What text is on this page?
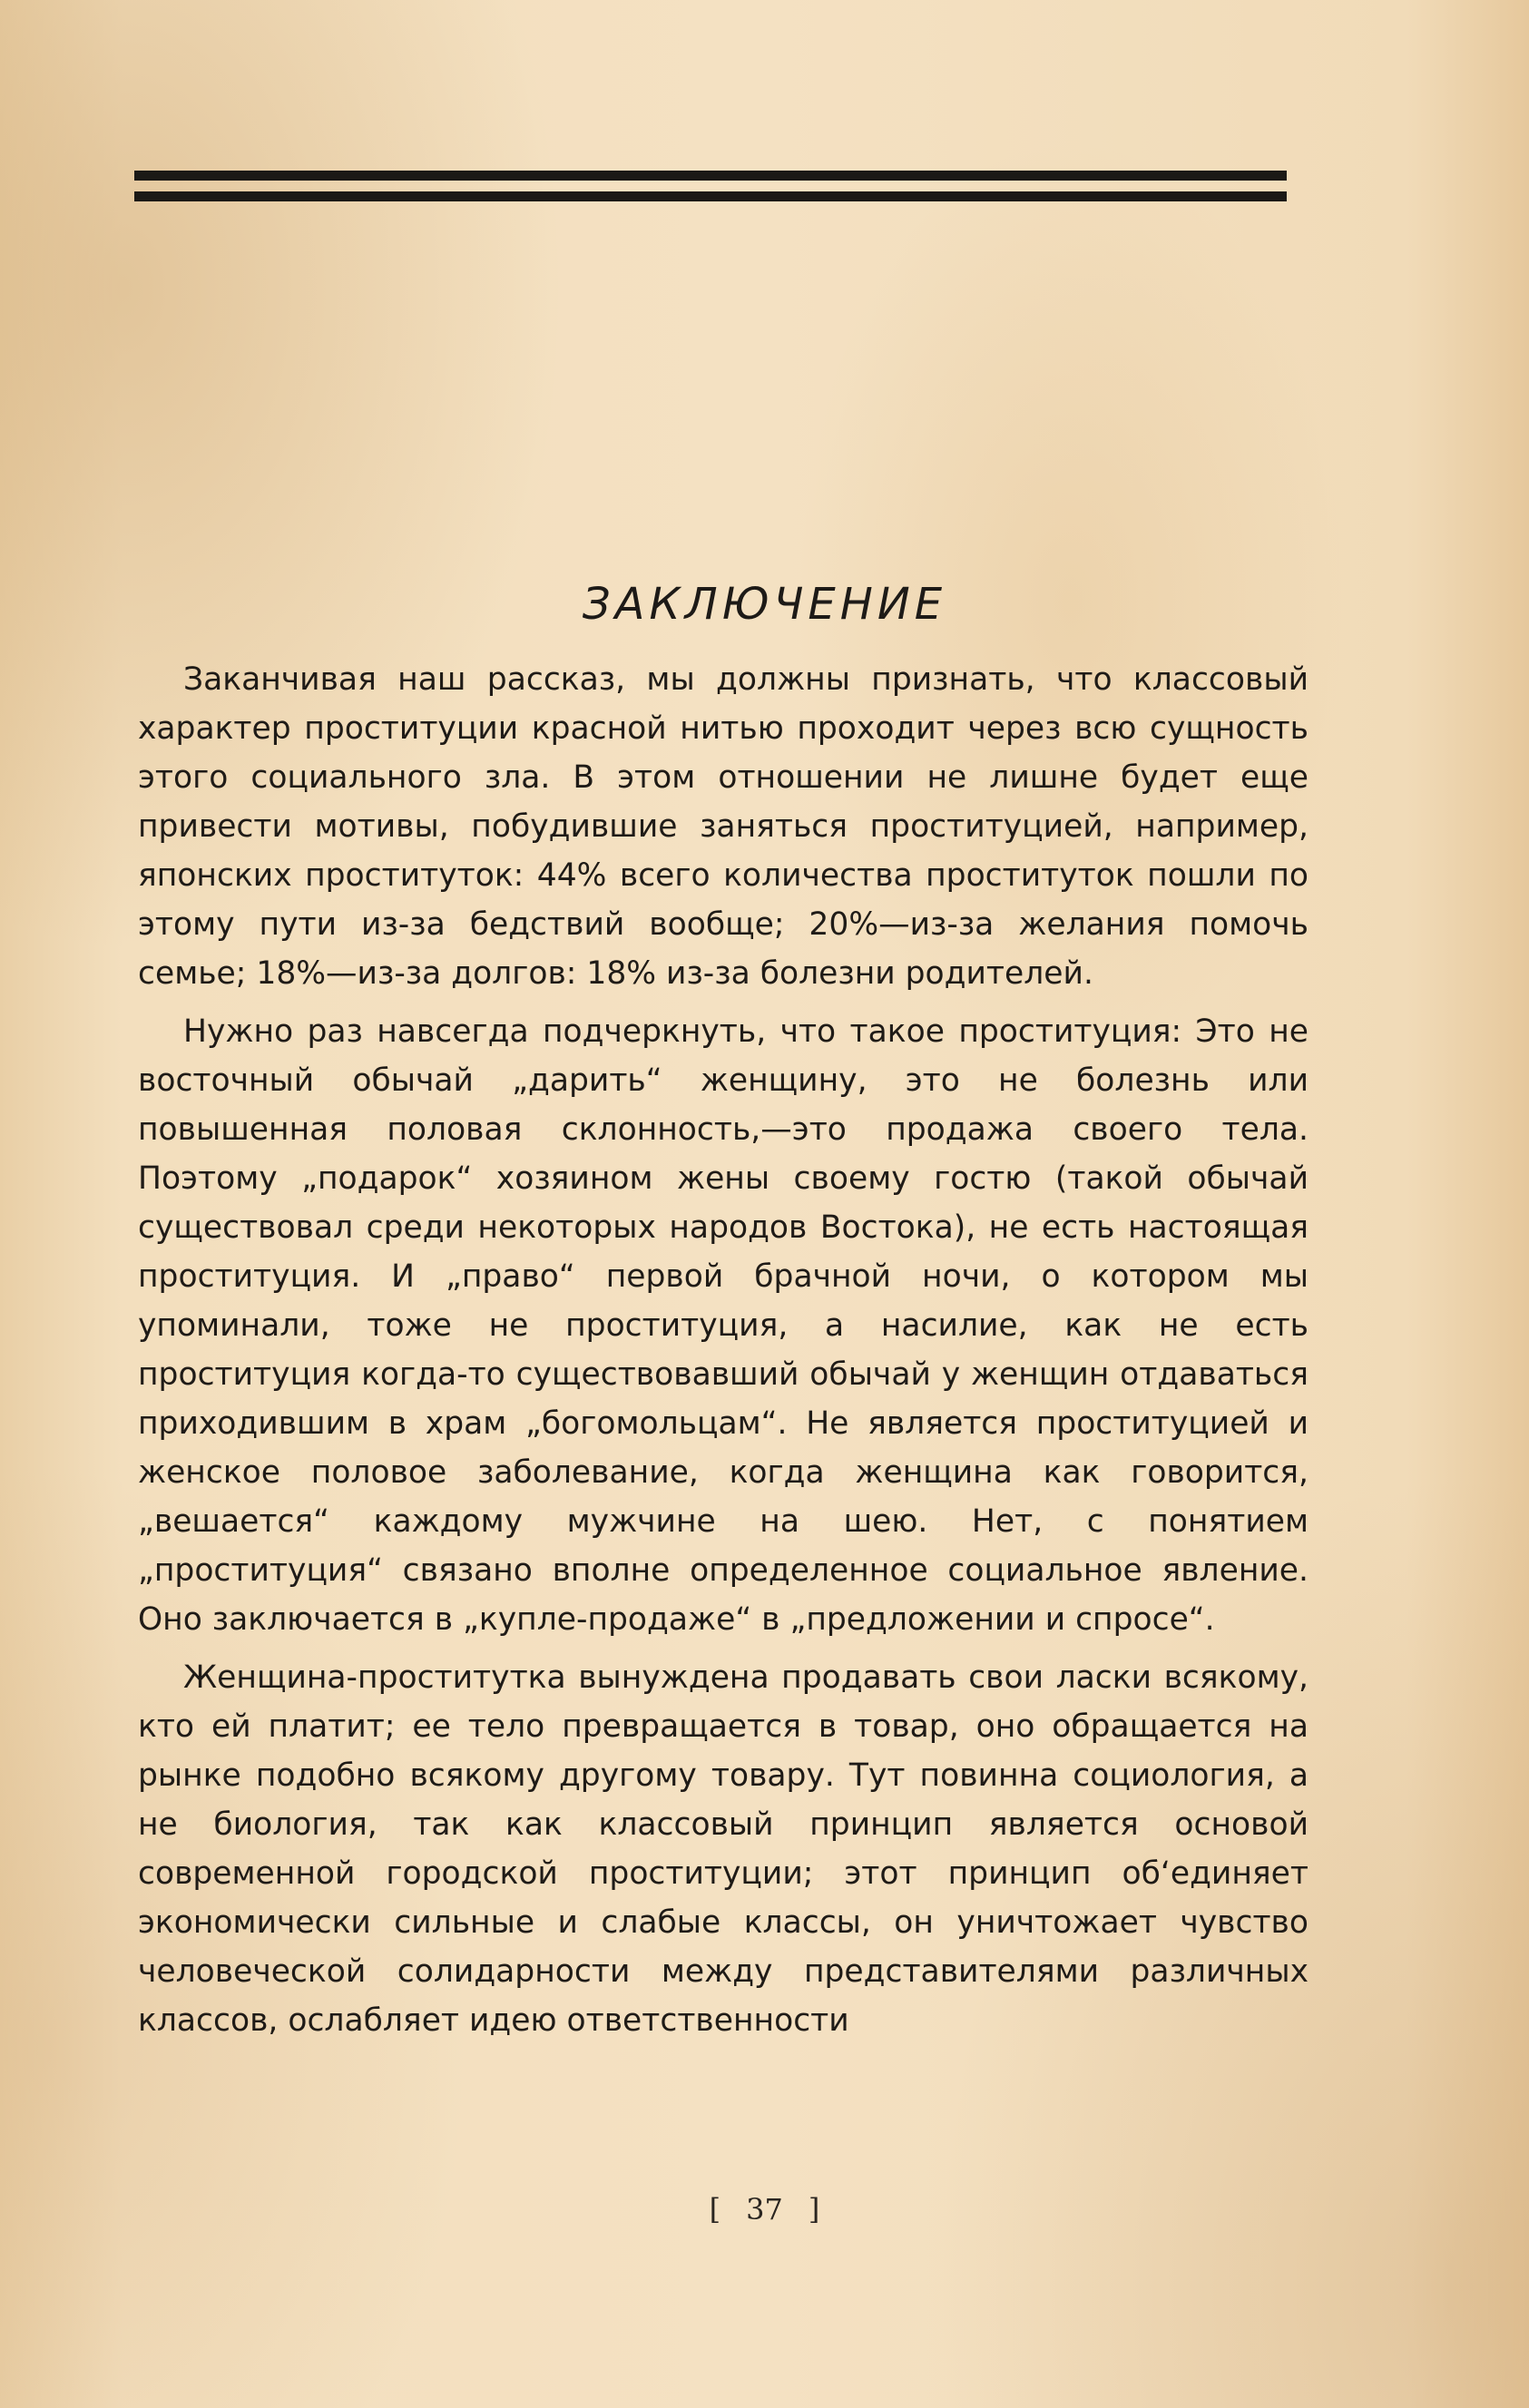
ЗАКЛЮЧЕНИЕ

Заканчивая наш рассказ, мы должны признать, что классовый характер проституции красной нитью проходит через всю сущность этого социального зла. В этом отношении не лишне будет еще привести мотивы, побудившие заняться проституцией, например, японских проституток: 44% всего количества проституток пошли по этому пути из-за бедствий вообще; 20%—из-за желания помочь семье; 18%—из-за долгов: 18% из-за болезни родителей.

Нужно раз навсегда подчеркнуть, что такое проституция: Это не восточный обычай „дарить“ женщину, это не болезнь или повышенная половая склонность,—это продажа своего тела. Поэтому „подарок“ хозяином жены своему гостю (такой обычай существовал среди некоторых народов Востока), не есть настоящая проституция. И „право“ первой брачной ночи, о котором мы упоминали, тоже не проституция, а насилие, как не есть проституция когда-то существовавший обычай у женщин отдаваться приходившим в храм „богомольцам“. Не является проституцией и женское половое заболевание, когда женщина как говорится, „вешается“ каждому мужчине на шею. Нет, с понятием „проституция“ связано вполне определенное социальное явление. Оно заключается в „купле-продаже“ в „предложении и спросе“.

Женщина-проститутка вынуждена продавать свои ласки всякому, кто ей платит; ее тело превращается в товар, оно обращается на рынке подобно всякому другому товару. Тут повинна социология, а не биология, так как классовый принцип является основой современной городской проституции; этот принцип об‘единяет экономически сильные и слабые классы, он уничтожает чувство человеческой солидарности между представителями различных классов, ослабляет идею ответственности

[ 37 ]
